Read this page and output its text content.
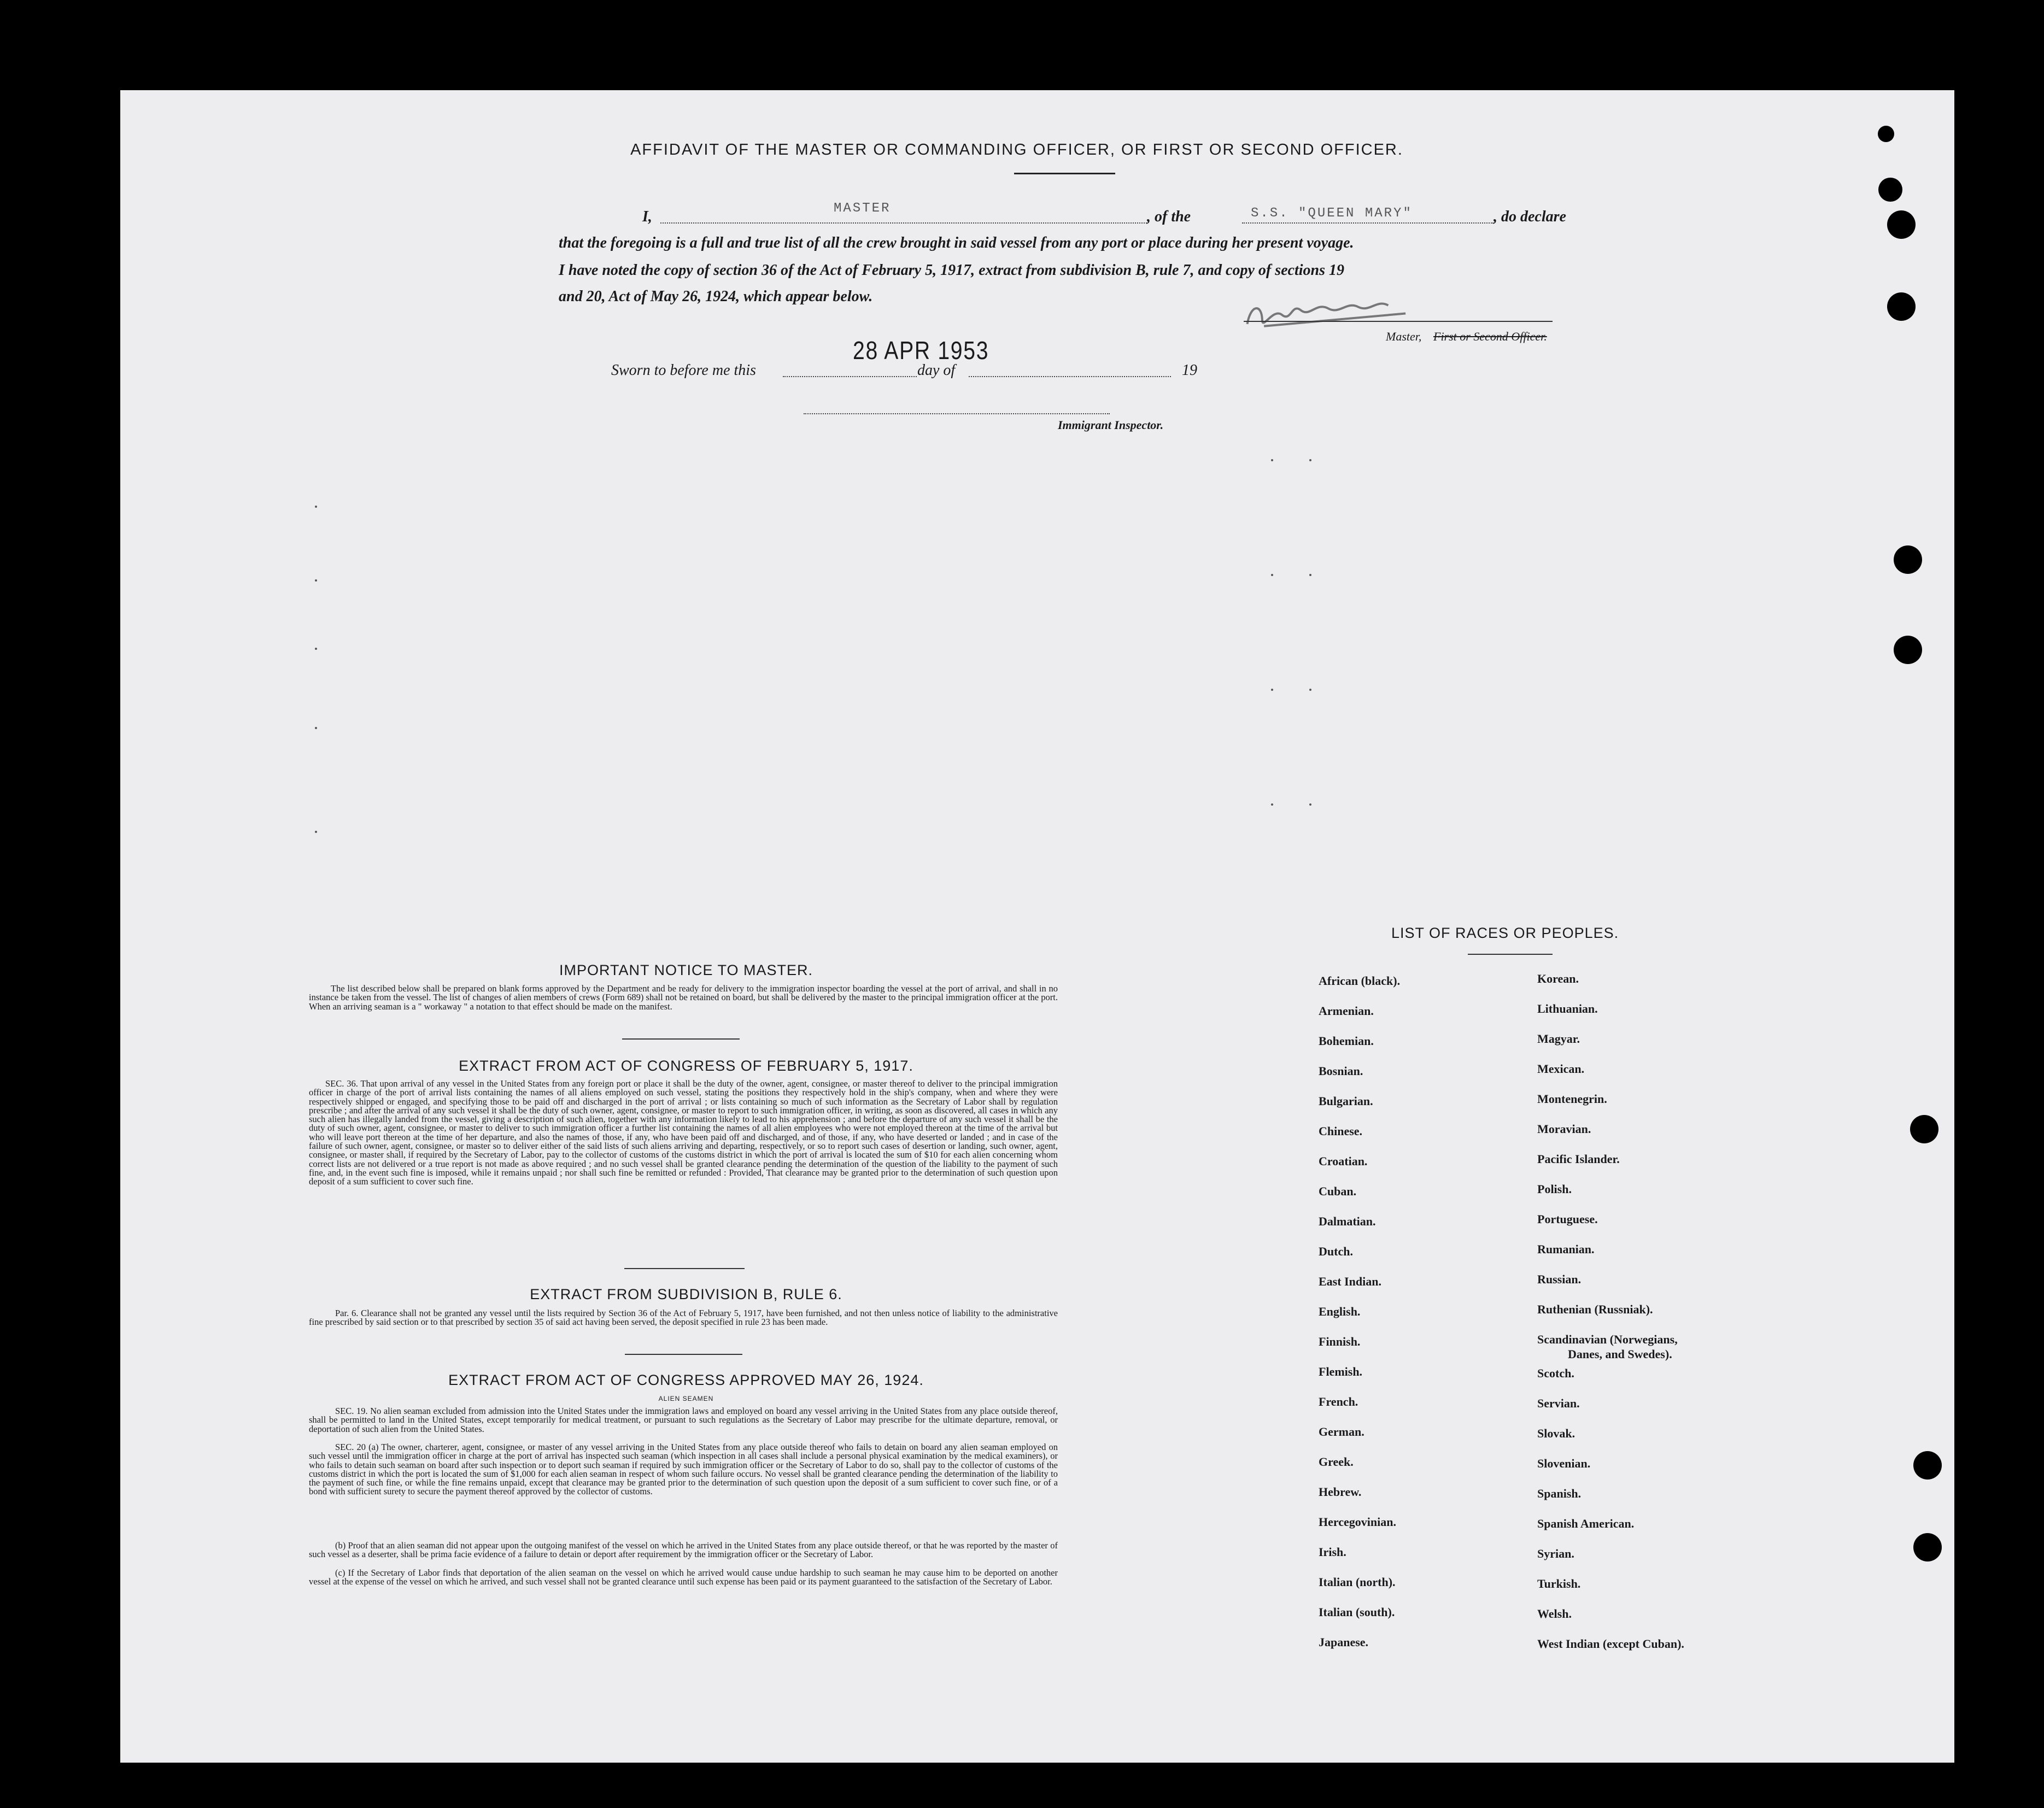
AFFIDAVIT OF THE MASTER OR COMMANDING OFFICER, OR FIRST OR SECOND OFFICER.
I,	MASTER	, of the	S.S. "QUEEN MARY"	, do declare
that the foregoing is a full and true list of all the crew brought in said vessel from any port or place during her present voyage.
I have noted the copy of section 36 of the Act of February 5, 1917, extract from subdivision B, rule 7, and copy of sections 19
and 20, Act of May 26, 1924, which appear below.
Master, First or Second Officer.
Sworn to before me this
28 APR 1953
day of	19
Immigrant Inspector.
IMPORTANT NOTICE TO MASTER.
The list described below shall be prepared on blank forms approved by the Department and be ready for delivery to the immigration inspector boarding the vessel at the port of arrival, and shall in no instance be taken from the vessel. The list of changes of alien members of crews (Form 689) shall not be retained on board, but shall be delivered by the master to the principal immigration officer at the port. When an arriving seaman is a " workaway " a notation to that effect should be made on the manifest.
EXTRACT FROM ACT OF CONGRESS OF FEBRUARY 5, 1917.
SEC. 36. That upon arrival of any vessel in the United States from any foreign port or place it shall be the duty of the owner, agent, consignee, or master thereof to deliver to the principal immigration officer in charge of the port of arrival lists containing the names of all aliens employed on such vessel, stating the positions they respectively hold in the ship's company, when and where they were respectively shipped or engaged, and specifying those to be paid off and discharged in the port of arrival ; or lists containing so much of such information as the Secretary of Labor shall by regulation prescribe ; and after the arrival of any such vessel it shall be the duty of such owner, agent, consignee, or master to report to such immigration officer, in writing, as soon as discovered, all cases in which any such alien has illegally landed from the vessel, giving a description of such alien, together with any information likely to lead to his apprehension ; and before the departure of any such vessel it shall be the duty of such owner, agent, consignee, or master to deliver to such immigration officer a further list containing the names of all alien employees who were not employed thereon at the time of the arrival but who will leave port thereon at the time of her departure, and also the names of those, if any, who have been paid off and discharged, and of those, if any, who have deserted or landed ; and in case of the failure of such owner, agent, consignee, or master so to deliver either of the said lists of such aliens arriving and departing, respectively, or so to report such cases of desertion or landing, such owner, agent, consignee, or master shall, if required by the Secretary of Labor, pay to the collector of customs of the customs district in which the port of arrival is located the sum of $10 for each alien concerning whom correct lists are not delivered or a true report is not made as above required ; and no such vessel shall be granted clearance pending the determination of the question of the liability to the payment of such fine, and, in the event such fine is imposed, while it remains unpaid ; nor shall such fine be remitted or refunded : Provided, That clearance may be granted prior to the determination of such question upon deposit of a sum sufficient to cover such fine.
EXTRACT FROM SUBDIVISION B, RULE 6.
Par. 6. Clearance shall not be granted any vessel until the lists required by Section 36 of the Act of February 5, 1917, have been furnished, and not then unless notice of liability to the administrative fine prescribed by said section or to that prescribed by section 35 of said act having been served, the deposit specified in rule 23 has been made.
EXTRACT FROM ACT OF CONGRESS APPROVED MAY 26, 1924.
ALIEN SEAMEN
SEC. 19. No alien seaman excluded from admission into the United States under the immigration laws and employed on board any vessel arriving in the United States from any place outside thereof, shall be permitted to land in the United States, except temporarily for medical treatment, or pursuant to such regulations as the Secretary of Labor may prescribe for the ultimate departure, removal, or deportation of such alien from the United States.
SEC. 20 (a) The owner, charterer, agent, consignee, or master of any vessel arriving in the United States from any place outside thereof who fails to detain on board any alien seaman employed on such vessel until the immigration officer in charge at the port of arrival has inspected such seaman (which inspection in all cases shall include a personal physical examination by the medical examiners), or who fails to detain such seaman on board after such inspection or to deport such seaman if required by such immigration officer or the Secretary of Labor to do so, shall pay to the collector of customs of the customs district in which the port is located the sum of $1,000 for each alien seaman in respect of whom such failure occurs. No vessel shall be granted clearance pending the determination of the liability to the payment of such fine, or while the fine remains unpaid, except that clearance may be granted prior to the determination of such question upon the deposit of a sum sufficient to cover such fine, or of a bond with sufficient surety to secure the payment thereof approved by the collector of customs.
(b) Proof that an alien seaman did not appear upon the outgoing manifest of the vessel on which he arrived in the United States from any place outside thereof, or that he was reported by the master of such vessel as a deserter, shall be prima facie evidence of a failure to detain or deport after requirement by the immigration officer or the Secretary of Labor.
(c) If the Secretary of Labor finds that deportation of the alien seaman on the vessel on which he arrived would cause undue hardship to such seaman he may cause him to be deported on another vessel at the expense of the vessel on which he arrived, and such vessel shall not be granted clearance until such expense has been paid or its payment guaranteed to the satisfaction of the Secretary of Labor.
LIST OF RACES OR PEOPLES.
African (black).
Armenian.
Bohemian.
Bosnian.
Bulgarian.
Chinese.
Croatian.
Cuban.
Dalmatian.
Dutch.
East Indian.
English.
Finnish.
Flemish.
French.
German.
Greek.
Hebrew.
Hercegovinian.
Irish.
Italian (north).
Italian (south).
Japanese.
Korean.
Lithuanian.
Magyar.
Mexican.
Montenegrin.
Moravian.
Pacific Islander.
Polish.
Portuguese.
Rumanian.
Russian.
Ruthenian (Russniak).
Scandinavian (Norwegians,
Danes, and Swedes).
Scotch.
Servian.
Slovak.
Slovenian.
Spanish.
Spanish American.
Syrian.
Turkish.
Welsh.
West Indian (except Cuban).
